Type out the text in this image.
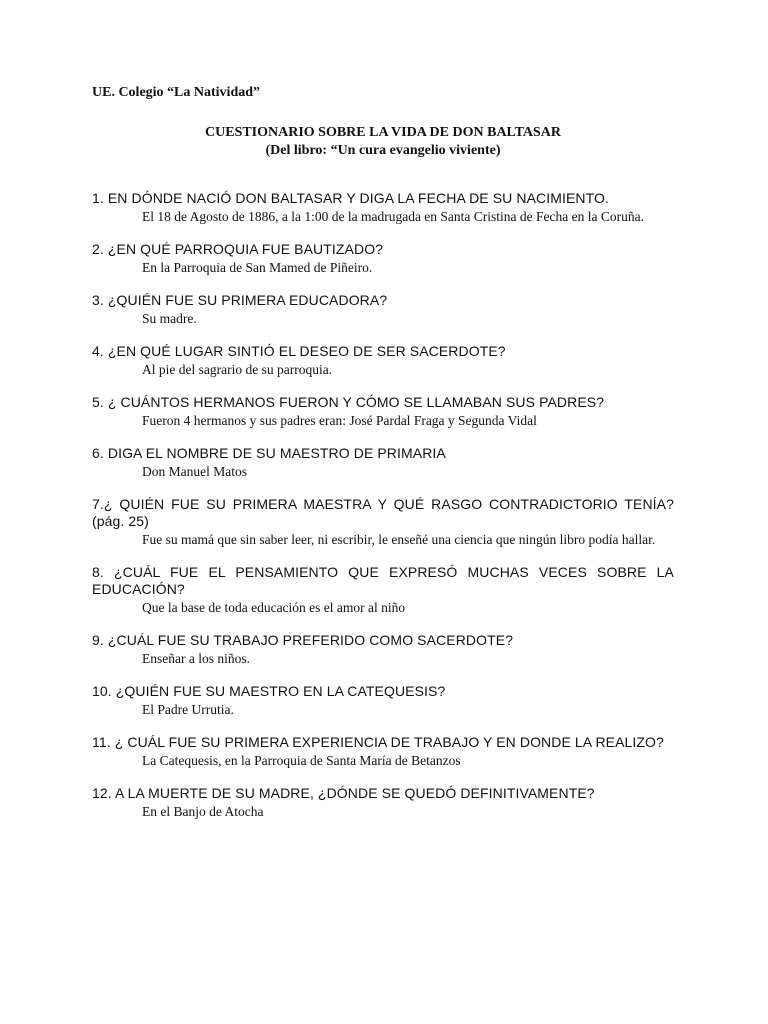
UE. Colegio “La Natividad”
CUESTIONARIO SOBRE LA VIDA DE DON BALTASAR
(Del libro: “Un cura evangelio viviente)
1. EN DÓNDE NACIÓ DON BALTASAR Y DIGA LA FECHA DE SU NACIMIENTO.
El 18 de Agosto de 1886, a la 1:00 de la madrugada en Santa Cristina de Fecha en la Coruña.
2. ¿EN QUÉ PARROQUIA FUE BAUTIZADO?
En la Parroquia de San Mamed de Piñeiro.
3. ¿QUIÉN FUE SU PRIMERA EDUCADORA?
Su madre.
4. ¿EN QUÉ LUGAR SINTIÓ EL DESEO DE SER SACERDOTE?
Al pie del sagrario de su parroquia.
5. ¿ CUÁNTOS HERMANOS FUERON Y CÓMO SE LLAMABAN SUS PADRES?
Fueron 4 hermanos y sus padres eran: José Pardal Fraga y Segunda Vidal
6. DIGA EL NOMBRE DE SU MAESTRO DE PRIMARIA
Don Manuel Matos
7.¿ QUIÉN FUE SU PRIMERA MAESTRA Y QUÉ RASGO CONTRADICTORIO TENÍA? (pág. 25)
Fue su mamá que sin saber leer, ni escribir, le enseñé una ciencia que ningún libro podía hallar.
8. ¿CUÁL FUE EL PENSAMIENTO QUE EXPRESÓ MUCHAS VECES SOBRE LA EDUCACIÓN?
Que la base de toda educación es el amor al niño
9. ¿CUÁL FUE SU TRABAJO PREFERIDO COMO SACERDOTE?
Enseñar a los niños.
10. ¿QUIÉN FUE SU MAESTRO EN LA CATEQUESIS?
El Padre Urrutia.
11. ¿ CUÁL FUE SU PRIMERA EXPERIENCIA DE TRABAJO Y EN DONDE LA REALIZO?
La Catequesis, en la Parroquia de Santa María de Betanzos
12. A LA MUERTE DE SU MADRE, ¿DÓNDE SE QUEDÓ DEFINITIVAMENTE?
En el Banjo de Atocha
